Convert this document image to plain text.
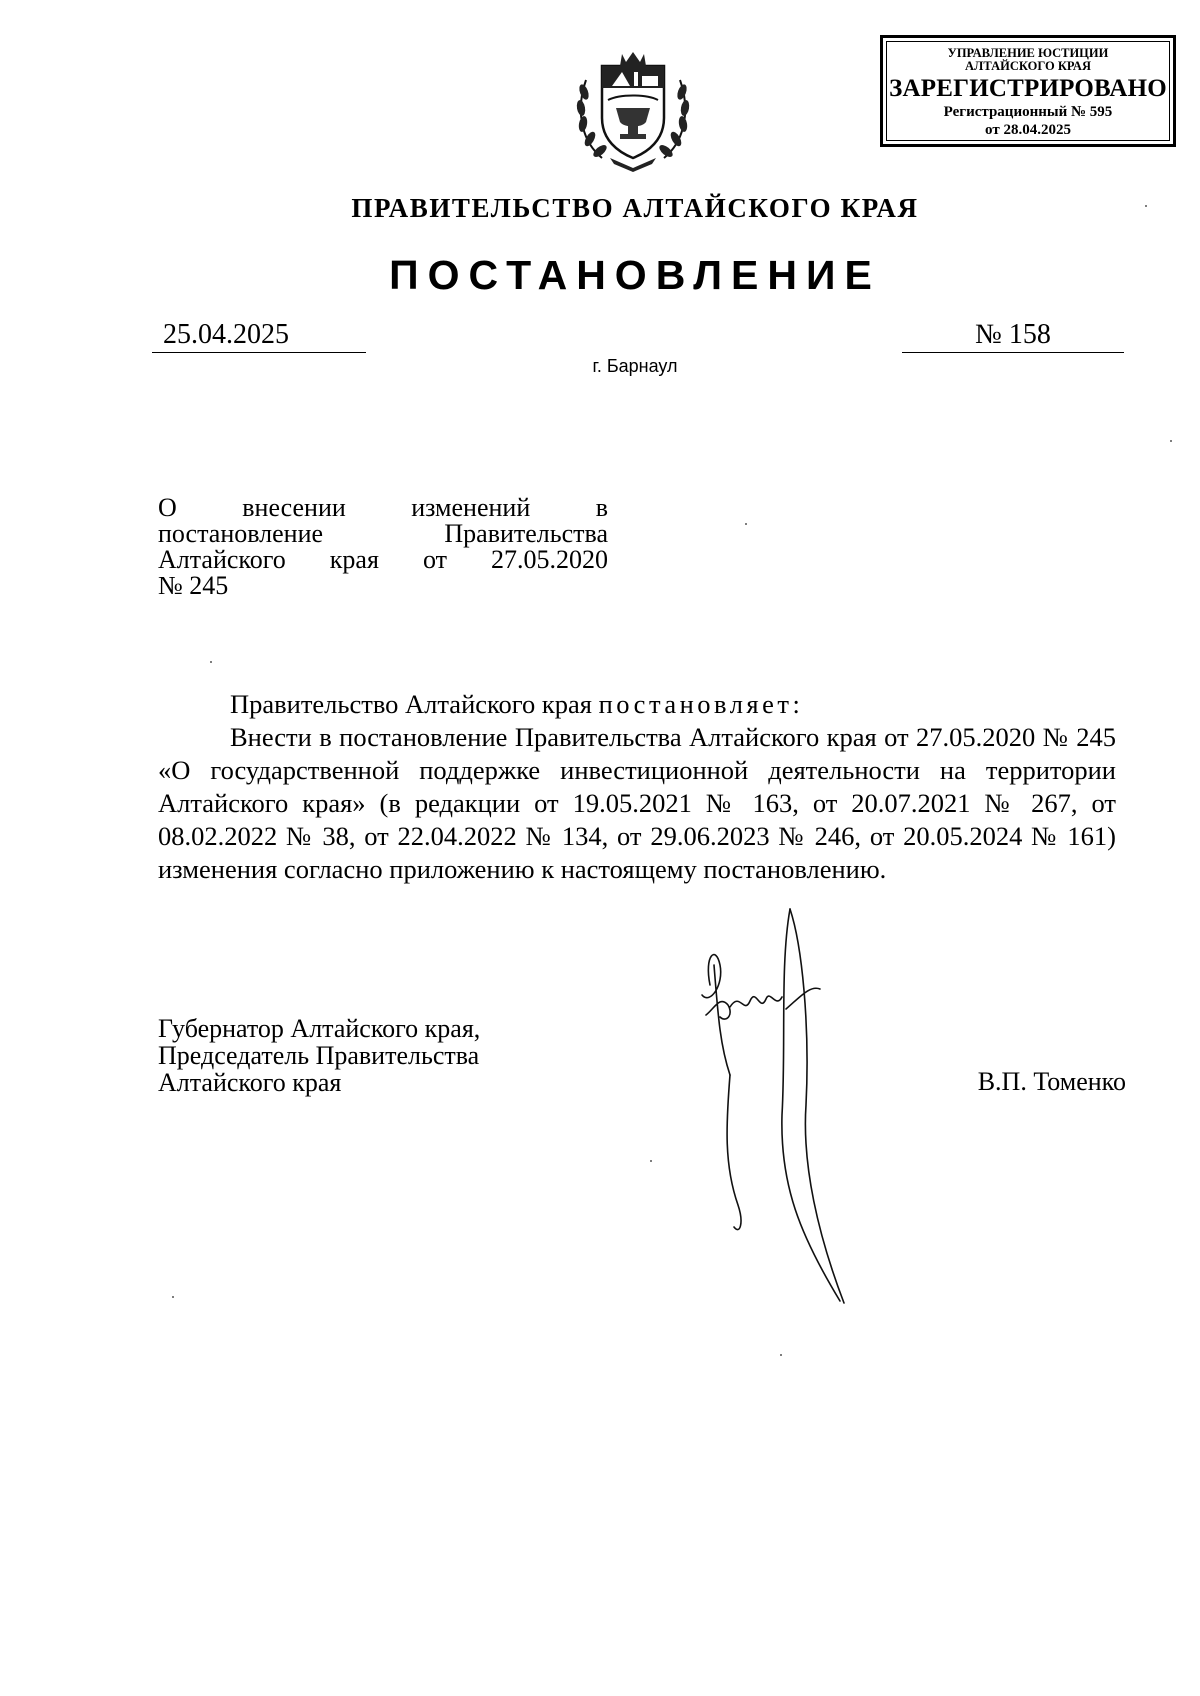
УПРАВЛЕНИЕ ЮСТИЦИИ
АЛТАЙСКОГО КРАЯ
ЗАРЕГИСТРИРОВАНО
Регистрационный № 595
от 28.04.2025
ПРАВИТЕЛЬСТВО АЛТАЙСКОГО КРАЯ
ПОСТАНОВЛЕНИЕ
25.04.2025	№ 158
г. Барнаул
О внесении изменений в
постановление Правительства
Алтайского края от 27.05.2020
№ 245

Правительство Алтайского края постановляет:

Внести в постановление Правительства Алтайского края от 27.05.2020 № 245 «О государственной поддержке инвестиционной деятельности на территории Алтайского края» (в редакции от 19.05.2021 № 163, от 20.07.2021 № 267, от 08.02.2022 № 38, от 22.04.2022 № 134, от 29.06.2023 № 246, от 20.05.2024 № 161) изменения согласно приложению к настоящему постановлению.

Губернатор Алтайского края,
Председатель Правительства
Алтайского края	В.П. Томенко
